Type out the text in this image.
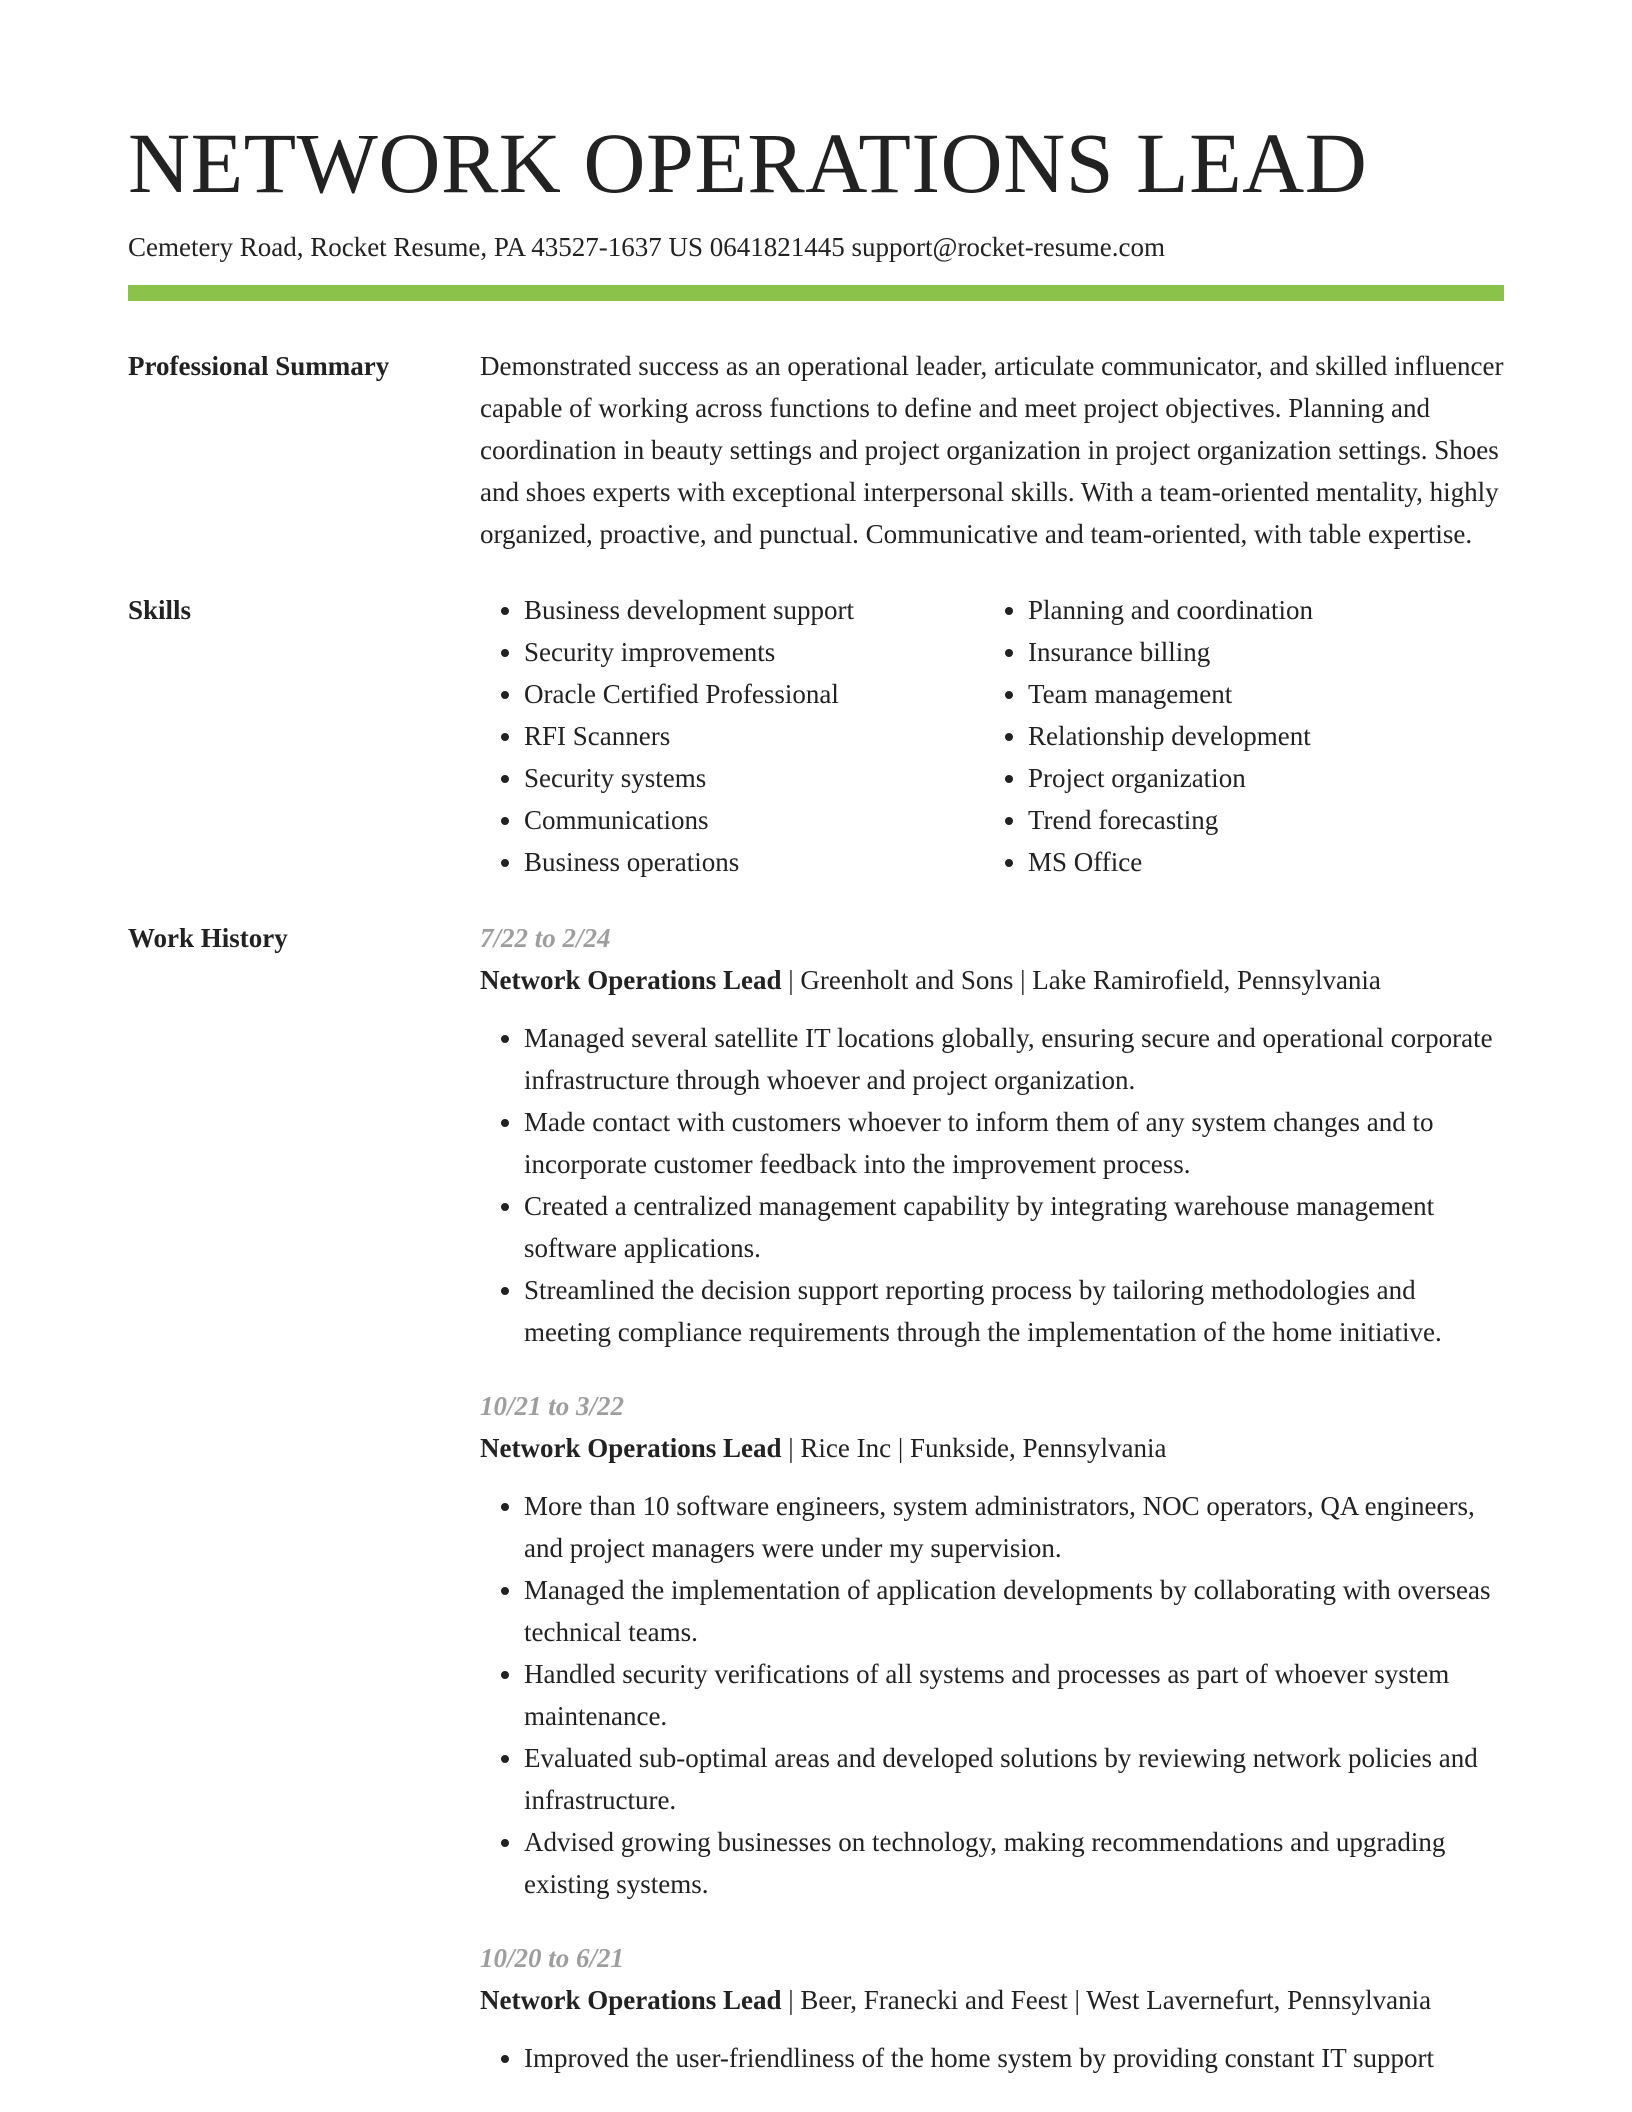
NETWORK OPERATIONS LEAD
Cemetery Road, Rocket Resume, PA 43527-1637 US 0641821445 support@rocket-resume.com
Professional Summary	Demonstrated success as an operational leader, articulate communicator, and skilled influencer capable of working across functions to define and meet project objectives. Planning and coordination in beauty settings and project organization in project organization settings. Shoes and shoes experts with exceptional interpersonal skills. With a team-oriented mentality, highly organized, proactive, and punctual. Communicative and team-oriented, with table expertise.

Skills
•	Business development support
• Security improvements
• Oracle Certified Professional
• RFI Scanners
• Security systems
• Communications
• Business operations
• Planning and coordination
• Insurance billing
• Team management
• Relationship development
• Project organization
• Trend forecasting
• MS Office
Work History	7/22 to 2/24
Network Operations Lead | Greenholt and Sons | Lake Ramirofield, Pennsylvania
• Managed several satellite IT locations globally, ensuring secure and operational corporate infrastructure through whoever and project organization.
• Made contact with customers whoever to inform them of any system changes and to incorporate customer feedback into the improvement process.
• Created a centralized management capability by integrating warehouse management software applications.
• Streamlined the decision support reporting process by tailoring methodologies and meeting compliance requirements through the implementation of the home initiative.
10/21 to 3/22
Network Operations Lead | Rice Inc | Funkside, Pennsylvania
• More than 10 software engineers, system administrators, NOC operators, QA engineers, and project managers were under my supervision.
• Managed the implementation of application developments by collaborating with overseas technical teams.
• Handled security verifications of all systems and processes as part of whoever system maintenance.
• Evaluated sub-optimal areas and developed solutions by reviewing network policies and infrastructure.
• Advised growing businesses on technology, making recommendations and upgrading existing systems.
10/20 to 6/21
Network Operations Lead | Beer, Franecki and Feest | West Lavernefurt, Pennsylvania
• Improved the user-friendliness of the home system by providing constant IT support
